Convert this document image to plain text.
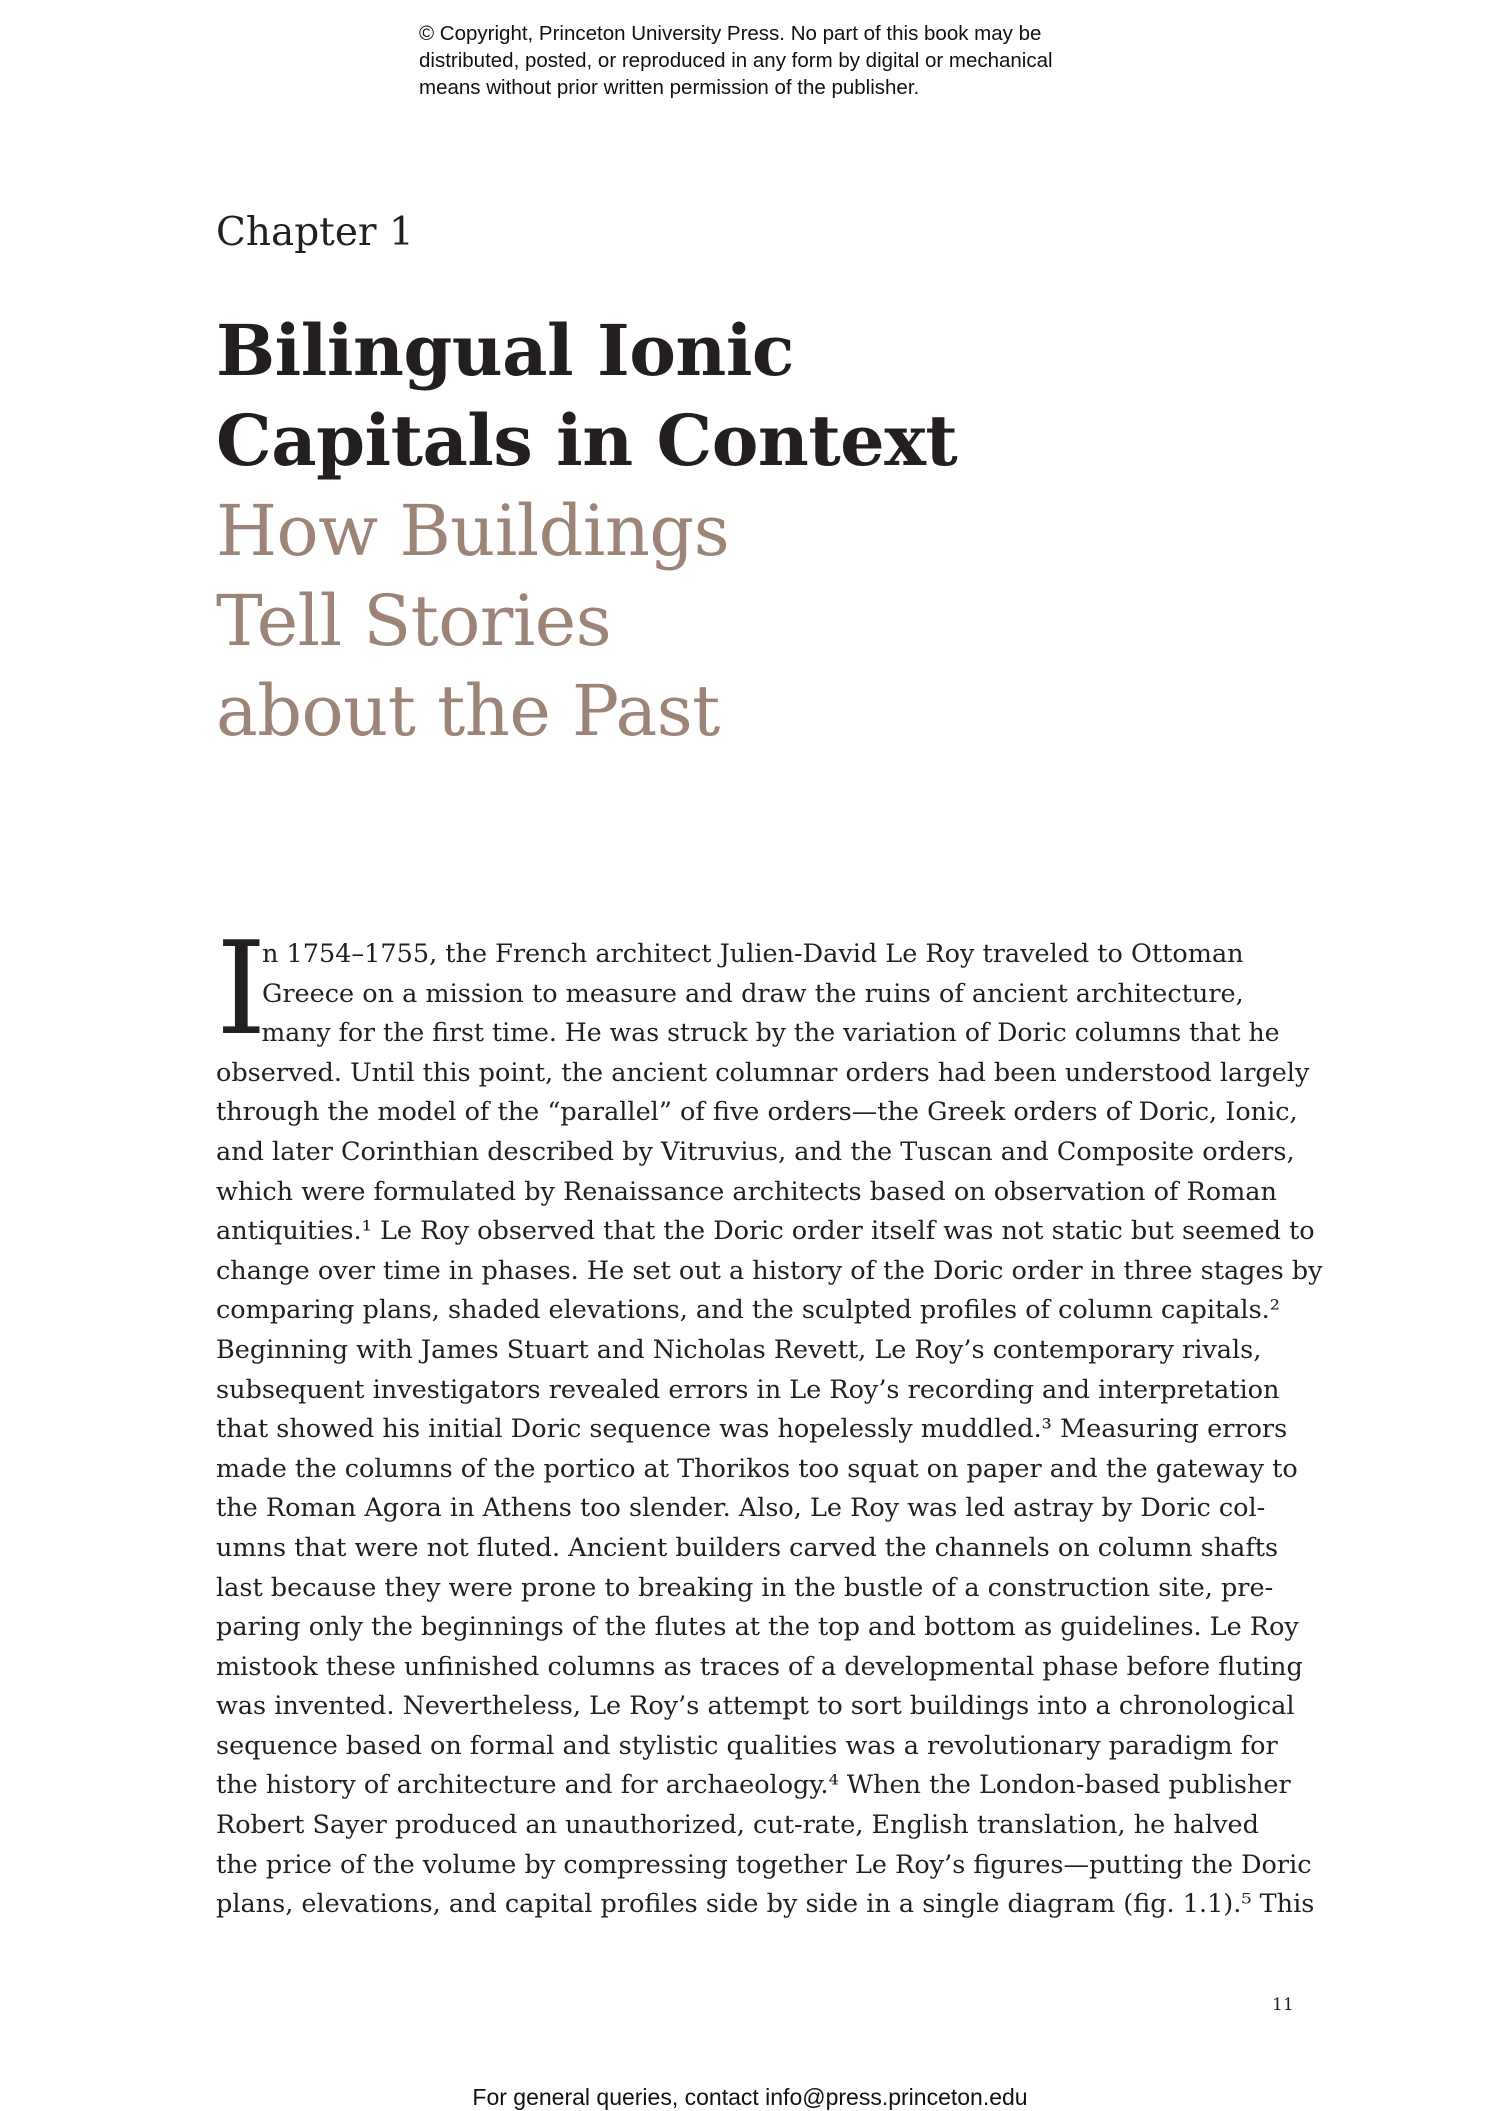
© Copyright, Princeton University Press. No part of this book may be
distributed, posted, or reproduced in any form by digital or mechanical
means without prior written permission of the publisher.
Chapter 1
Bilingual Ionic
Capitals in Context
How Buildings
Tell Stories
about the Past
I
n 1754–1755, the French architect Julien-David Le Roy traveled to Ottoman
Greece on a mission to measure and draw the ruins of ancient architecture,
many for the first time. He was struck by the variation of Doric columns that he
observed. Until this point, the ancient columnar orders had been understood largely
through the model of the “parallel” of five orders—the Greek orders of Doric, Ionic,
and later Corinthian described by Vitruvius, and the Tuscan and Composite orders,
which were formulated by Renaissance architects based on observation of Roman
antiquities.¹ Le Roy observed that the Doric order itself was not static but seemed to
change over time in phases. He set out a history of the Doric order in three stages by
comparing plans, shaded elevations, and the sculpted profiles of column capitals.²
Beginning with James Stuart and Nicholas Revett, Le Roy’s contemporary rivals,
subsequent investigators revealed errors in Le Roy’s recording and interpretation
that showed his initial Doric sequence was hopelessly muddled.³ Measuring errors
made the columns of the portico at Thorikos too squat on paper and the gateway to
the Roman Agora in Athens too slender. Also, Le Roy was led astray by Doric col-
umns that were not fluted. Ancient builders carved the channels on column shafts
last because they were prone to breaking in the bustle of a construction site, pre-
paring only the beginnings of the flutes at the top and bottom as guidelines. Le Roy
mistook these unfinished columns as traces of a developmental phase before fluting
was invented. Nevertheless, Le Roy’s attempt to sort buildings into a chronological
sequence based on formal and stylistic qualities was a revolutionary paradigm for
the history of architecture and for archaeology.⁴ When the London-based publisher
Robert Sayer produced an unauthorized, cut-rate, English translation, he halved
the price of the volume by compressing together Le Roy’s figures—putting the Doric
plans, elevations, and capital profiles side by side in a single diagram (fig. 1.1).⁵ This
11
For general queries, contact info@press.princeton.edu
